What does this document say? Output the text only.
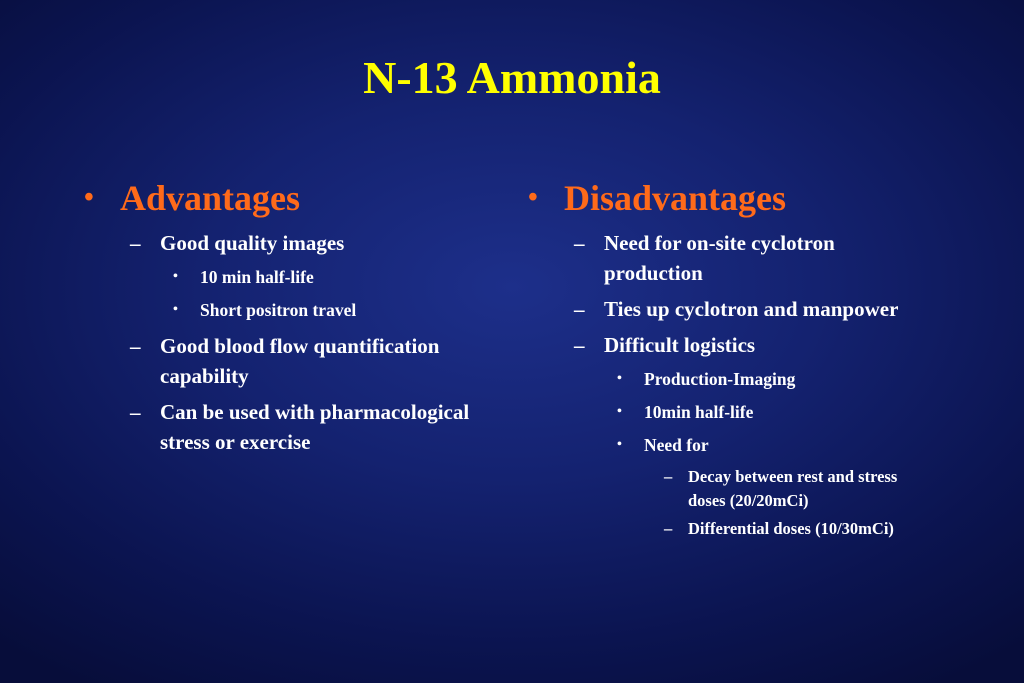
N-13 Ammonia
• Advantages
– Good quality images
• 10 min half-life
• Short positron travel
– Good blood flow quantification capability
– Can be used with pharmacological stress or exercise
• Disadvantages
– Need for on-site cyclotron production
– Ties up cyclotron and manpower
– Difficult logistics
• Production-Imaging
• 10min half-life
• Need for
– Decay between rest and stress doses (20/20mCi)
– Differential doses (10/30mCi)
